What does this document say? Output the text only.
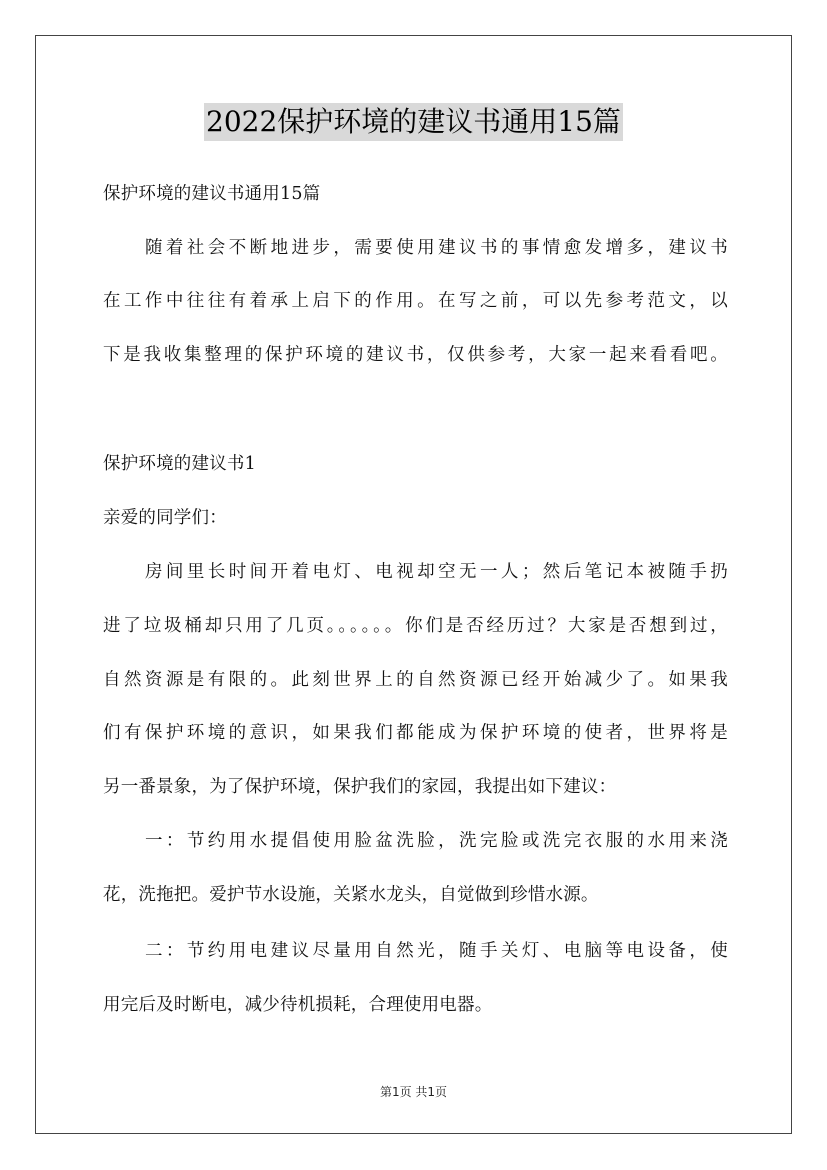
2022保护环境的建议书通用15篇
保护环境的建议书通用15篇
随着社会不断地进步，需要使用建议书的事情愈发增多，建议书
在工作中往往有着承上启下的作用。在写之前，可以先参考范文，以
下是我收集整理的保护环境的建议书，仅供参考，大家一起来看看吧。
保护环境的建议书1
亲爱的同学们：
房间里长时间开着电灯、电视却空无一人；然后笔记本被随手扔
进了垃圾桶却只用了几页。。。。。。你们是否经历过？大家是否想到过，
自然资源是有限的。此刻世界上的自然资源已经开始减少了。如果我
们有保护环境的意识，如果我们都能成为保护环境的使者，世界将是
另一番景象，为了保护环境，保护我们的家园，我提出如下建议：
一：节约用水提倡使用脸盆洗脸，洗完脸或洗完衣服的水用来浇
花，洗拖把。爱护节水设施，关紧水龙头，自觉做到珍惜水源。
二：节约用电建议尽量用自然光，随手关灯、电脑等电设备，使
用完后及时断电，减少待机损耗，合理使用电器。
第1页 共1页
